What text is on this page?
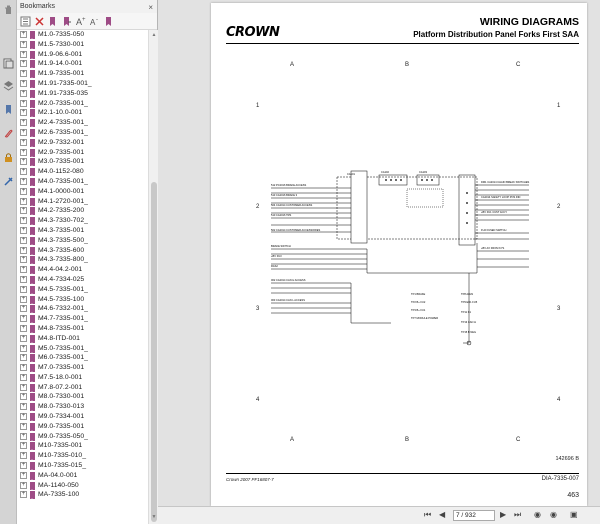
Bookmarks	×
A + A -
+ M1.0-7335-050
+ M1.5-7330-001
+ M1.9-06.6-001
+ M1.9-14.0-001
+ M1.9-7335-001
+ M1.91-7335-001_
+ M1.91-7335-035
+ M2.0-7335-001_
+ M2.1-10.0-001
+ M2.4-7335-001_
+ M2.6-7335-001_
+ M2.9-7332-001
+ M2.9-7335-001
+ M3.0-7335-001
+ M4.0-1152-080
+ M4.0-7335-001_
+ M4.1-0000-001
+ M4.1-2720-001_
+ M4.2-7335-200
+ M4.3-7330-702_
+ M4.3-7335-001
+ M4.3-7335-500_
+ M4.3-7335-600
+ M4.3-7335-800_
+ M4.4-04.2-001
+ M4.4-7334-025
+ M4.5-7335-001_
+ M4.5-7335-100
+ M4.6-7332-001_
+ M4.7-7335-001_
+ M4.8-7335-001
+ M4.8-ITD-001
+ M5.0-7335-001_
+ M6.0-7335-001_
+ M7.0-7335-001
+ M7.5-18.0-001
+ M7.8-07.2-001
+ M8.0-7330-001
+ M8.0-7330-013
+ M9.0-7334-001
+ M9.0-7335-001
+ M9.0-7335-050_
+ M10-7335-001
+ M10-7335-010_
+ M10-7335-015_
+ MA-04.0-001
+ MA-1140-050
+ MA-7335-100
▲
▼
CROWN
WIRING DIAGRAMS
Platform Distribution Panel Forks First SAA
A	B	C
A	B	C
1
2
3
4
1
2
3
4
512 PC2016 BRAKE ACCESS
513 CA2016 BRAKE 3
504 CA2014 CUSTOMER ACCESS
510 CA2016 TRS
502 CA2014 CUSTOMER ACCESSORIES
BRAKE SWITCH
+BV FU3
RAS2
002 CA2014 CAN H ACCESS
003 CA2014 CAN L ACCESS
CA101
CA102	CA103
DM1 CA2014 CHAIN BREAK SWITCHES
CA2014 SAFETY LOOP POS IND
+BV FU1 CUST ACCY
FU2 FUSED SWITCH
+BV AX FROM KYS
TP1 BRAKE
TP2 B+ FU2
TP3 B+ FU1
TP7 MODULE POWER
TP8 ALM1
TP9 ED1 FU5
TP11 K1
TP13 CAN H
TP15 B NEG
142696 B
Crown 2007 PF16807-7	DIA-7335-007
463
⏮ ◀	7 / 932	▶ ⏭ ◉ ◉ ▣
